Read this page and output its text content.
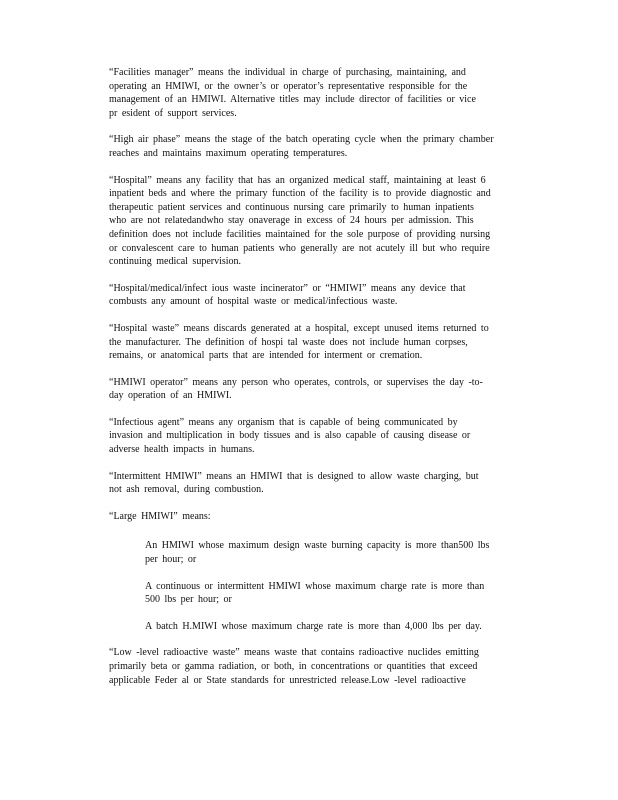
“Facilities manager” means the individual in charge of purchasing, maintaining, and
operating an HMIWI, or the owner’s or operator’s representative responsible for the
management of an HMIWI. Alternative titles may include director of facilities or vice
pr esident of support services.
“High air phase” means the stage of the batch operating cycle when the primary chamber
reaches and maintains maximum operating temperatures.
“Hospital” means any facility that has an organized medical staff, maintaining at least 6
inpatient beds and where the primary function of the facility is to provide diagnostic and
therapeutic patient services and continuous nursing care primarily to human inpatients
who are not relatedandwho stay onaverage in excess of 24 hours per admission. This
definition does not include facilities maintained for the sole purpose of providing nursing
or convalescent care to human patients who generally are not acutely ill but who require
continuing medical supervision.
“Hospital/medical/infect ious waste incinerator” or “HMIWI” means any device that
combusts any amount of hospital waste or medical/infectious waste.
“Hospital waste” means discards generated at a hospital, except unused items returned to
the manufacturer. The definition of hospi tal waste does not include human corpses,
remains, or anatomical parts that are intended for interment or cremation.
“HMIWI operator” means any person who operates, controls, or supervises the day -to-
day operation of an HMIWI.
“Infectious agent” means any organism that is capable of being communicated by
invasion and multiplication in body tissues and is also capable of causing disease or
adverse health impacts in humans.
“Intermittent HMIWI” means an HMIWI that is designed to allow waste charging, but
not ash removal, during combustion.
“Large HMIWI” means:
An HMIWI whose maximum design waste burning capacity is more than500 lbs
per hour; or
A continuous or intermittent HMIWI whose maximum charge rate is more than
500 lbs per hour; or
A batch H.MIWI whose maximum charge rate is more than 4,000 lbs per day.
“Low -level radioactive waste” means waste that contains radioactive nuclides emitting
primarily beta or gamma radiation, or both, in concentrations or quantities that exceed
applicable Feder al or State standards for unrestricted release.Low -level radioactive
